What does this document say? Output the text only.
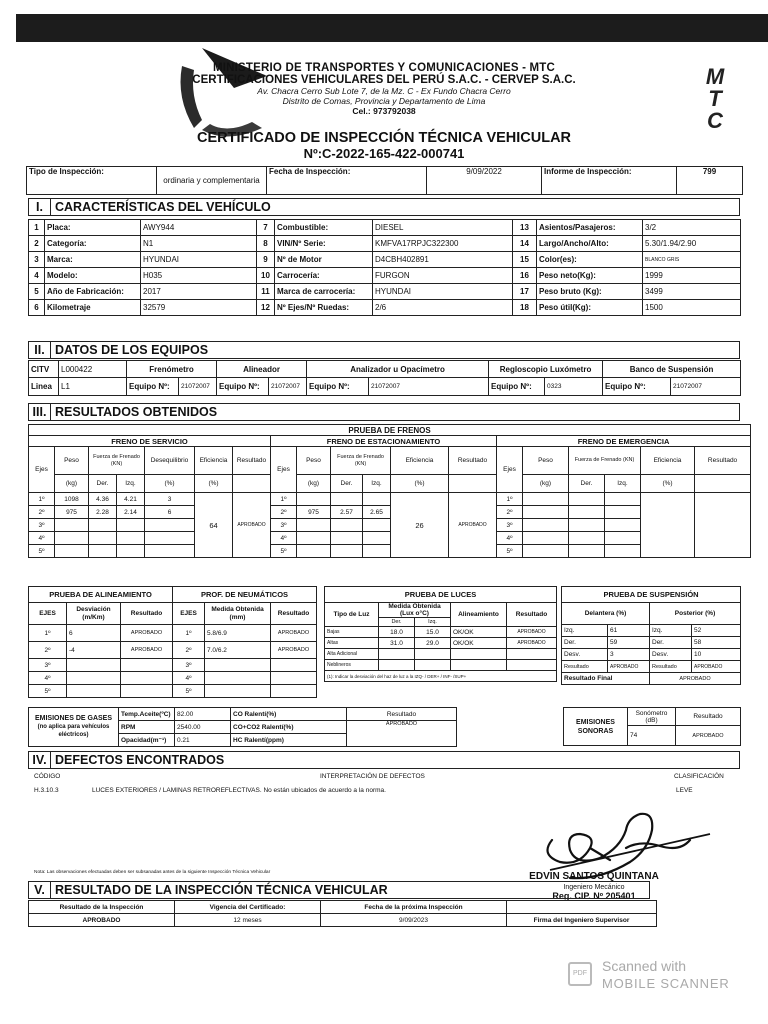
MINISTERIO DE TRANSPORTES Y COMUNICACIONES - MTC
CERTIFICACIONES VEHICULARES DEL PERÚ S.A.C. - CERVEP S.A.C.
Av. Chacra Cerro Sub Lote 7, de la Mz. C - Ex Fundo Chacra Cerro
Distrito de Comas, Provincia y Departamento de Lima
Cel.: 973792038
M
T
C
CERTIFICADO DE INSPECCIÓN TÉCNICA VEHICULAR
Nº:C-2022-165-422-000741
Tipo de Inspección:	ordinaria y complementaria	Fecha de Inspección:	9/09/2022	Informe de Inspección:	799
I. CARACTERÍSTICAS DEL VEHÍCULO
1	Placa:	AWY944	7	Combustible:	DIESEL	13	Asientos/Pasajeros:	3/2
2	Categoría:	N1	8	VIN/Nº Serie:	KMFVA17RPJC322300	14	Largo/Ancho/Alto:	5.30/1.94/2.90
3	Marca:	HYUNDAI	9	Nº de Motor	D4CBH402891	15	Color(es):	BLANCO GRIS
4	Modelo:	H035	10	Carrocería:	FURGON	16	Peso neto(Kg):	1999
5	Año de Fabricación:	2017	11	Marca de carrocería:	HYUNDAI	17	Peso bruto (Kg):	3499
6	Kilometraje	32579	12	Nº Ejes/Nº Ruedas:	2/6	18	Peso útil(Kg):	1500
II. DATOS DE LOS EQUIPOS
CITV	L000422	Frenómetro		Alineador		Analizador u Opacímetro		Regloscopio Luxómetro		Banco de Suspensión	
Linea	L1	Equipo Nº:	21072007	Equipo Nº:	21072007	Equipo Nº:	21072007	Equipo Nº:	0323	Equipo Nº:	21072007
III. RESULTADOS OBTENIDOS
PRUEBA DE FRENOS																		
FRENO DE SERVICIO							FRENO DE ESTACIONAMIENTO						FRENO DE EMERGENCIA					
Ejes	Peso	Fuerza de Frenado (KN)		Desequilibrio	Eficiencia	Resultado	Ejes	Peso	Fuerza de Frenado (KN)		Eficiencia	Resultado	Ejes	Peso	Fuerza de Frenado (KN)		Eficiencia	Resultado
	(kg)	Der.	Izq.	(%)	(%)			(kg)	Der.	Izq.	(%)			(kg)	Der.	Izq.	(%)	
1º	1098	4.36	4.21	3	64	APROBADO	1º				26	APROBADO	1º					
2º	975	2.28	2.14	6			2º	975	2.57	2.65			2º					
3º							3º						3º					
4º							4º						4º					
5º							5º						5º					
PRUEBA DE ALINEAMIENTO		
EJES	Desviación (m/Km)	Resultado
1º	6	APROBADO
2º	-4	APROBADO
3º		
4º		
5º		
PROF. DE NEUMÁTICOS		
EJES	Medida Obtenida (mm)	Resultado
1º	5.8/6.9	APROBADO
2º	7.0/6.2	APROBADO
3º		
4º		
5º		
PRUEBA DE LUCES				
Tipo de Luz	Medida Obtenida (Lux o°C)		Alineamiento	Resultado
	Der.	Izq.		
Bajas	18.0	15.0	OK/OK	APROBADO
Altas	31.0	29.0	OK/OK	APROBADO
Alta Adicional				
Neblineros				
(1): Indicar la desviación del haz de luz a la IZQ- / DER+ / INF- /SUP+				
PRUEBA DE SUSPENSIÓN			
Delantera (%)		Posterior (%)	
Izq.	61	Izq.	52
Der.	59	Der.	58
Desv.	3	Desv.	10
Resultado	APROBADO	Resultado	APROBADO
Resultado Final		APROBADO	
EMISIONES DE GASES (no aplica para vehículos eléctricos)	Temp.Aceite(ºC)	82.00	CO Ralentí(%)		Resultado
	RPM	2540.00	CO+CO2 Ralentí(%)		APROBADO
	Opacidad(m⁻¹)	0.21	HC Ralentí(ppm)	
EMISIONES SONORAS	Sonómetro (dB)	Resultado
	74	APROBADO
IV. DEFECTOS ENCONTRADOS
CÓDIGO	INTERPRETACIÓN DE DEFECTOS	CLASIFICACIÓN
H.3.10.3	LUCES EXTERIORES / LAMINAS RETROREFLECTIVAS. No están ubicados de acuerdo a la norma.	LEVE
EDVIN SANTOS QUINTANA
Ingeniero Mecánico
Reg. CIP. Nº 205401
Nota: Las observaciones efectuadas deben ser subsanadas antes de la siguiente Inspección Técnica Vehicular
V. RESULTADO DE LA INSPECCIÓN TÉCNICA VEHICULAR
Resultado de la Inspección	Vigencia del Certificado:	Fecha de la próxima Inspección	
APROBADO	12 meses	9/09/2023	Firma del Ingeniero Supervisor
PDF	Scanned with
MOBILE SCANNER
